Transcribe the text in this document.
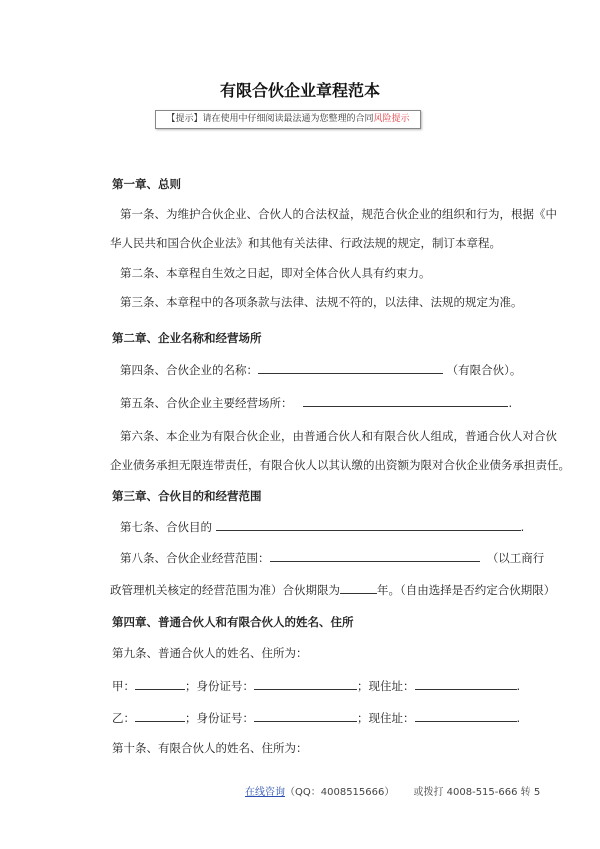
有限合伙企业章程范本
【提示】请在使用中仔细阅读最法通为您整理的合同风险提示
第一章、总则
第一条、为维护合伙企业、合伙人的合法权益，规范合伙企业的组织和行为，根据《中
华人民共和国合伙企业法》和其他有关法律、行政法规的规定，制订本章程。
第二条、本章程自生效之日起，即对全体合伙人具有约束力。
第三条、本章程中的各项条款与法律、法规不符的，以法律、法规的规定为准。
第二章、企业名称和经营场所
第四条、合伙企业的名称：	（有限合伙）。
第五条、合伙企业主要经营场所：	.
第六条、本企业为有限合伙企业，由普通合伙人和有限合伙人组成，普通合伙人对合伙
企业债务承担无限连带责任，有限合伙人以其认缴的出资额为限对合伙企业债务承担责任。
第三章、合伙目的和经营范围
第七条、合伙目的	.
第八条、合伙企业经营范围：	（以工商行
政管理机关核定的经营范围为准）合伙期限为	年。（自由选择是否约定合伙期限）
第四章、普通合伙人和有限合伙人的姓名、住所
第九条、普通合伙人的姓名、住所为：
甲：	；身份证号：	；现住址：	.
乙：	；身份证号：	；现住址：	.
第十条、有限合伙人的姓名、住所为：
在线咨询（QQ：4008515666） 或拨打 4008-515-666 转 5
